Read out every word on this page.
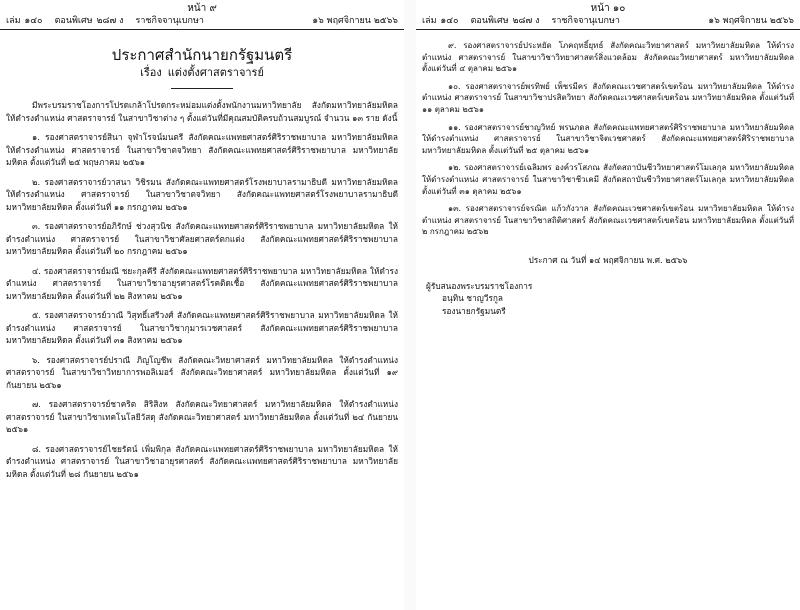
หน้า ๙
เล่ม ๑๔๐ ตอนพิเศษ ๒๘๗ ง ราชกิจจานุเบกษา	๑๖ พฤศจิกายน ๒๕๖๖
ประกาศสำนักนายกรัฐมนตรี
เรื่อง แต่งตั้งศาสตราจารย์

มีพระบรมราชโองการโปรดเกล้าโปรดกระหม่อมแต่งตั้งพนักงานมหาวิทยาลัย สังกัดมหาวิทยาลัยมหิดล ให้ดำรงตำแหน่ง ศาสตราจารย์ ในสาขาวิชาต่าง ๆ ตั้งแต่วันที่มีคุณสมบัติครบถ้วนสมบูรณ์ จำนวน ๑๓ ราย ดังนี้

๑. รองศาสตราจารย์สินา จุฬาโรจน์มนตรี สังกัดคณะแพทยศาสตร์ศิริราชพยาบาล มหาวิทยาลัยมหิดล ให้ดำรงตำแหน่ง ศาสตราจารย์ ในสาขาวิชาตจวิทยา สังกัดคณะแพทยศาสตร์ศิริราชพยาบาล มหาวิทยาลัยมหิดล ตั้งแต่วันที่ ๒๕ พฤษภาคม ๒๕๖๑

๒. รองศาสตราจารย์วาสนา วิชิรมน สังกัดคณะแพทยศาสตร์โรงพยาบาลรามาธิบดี มหาวิทยาลัยมหิดล ให้ดำรงตำแหน่ง ศาสตราจารย์ ในสาขาวิชาตจวิทยา สังกัดคณะแพทยศาสตร์โรงพยาบาลรามาธิบดี มหาวิทยาลัยมหิดล ตั้งแต่วันที่ ๑๑ กรกฎาคม ๒๕๖๑

๓. รองศาสตราจารย์อภิรักษ์ ช่วงสุวนิช สังกัดคณะแพทยศาสตร์ศิริราชพยาบาล มหาวิทยาลัยมหิดล ให้ดำรงตำแหน่ง ศาสตราจารย์ ในสาขาวิชาศัลยศาสตร์ตกแต่ง สังกัดคณะแพทยศาสตร์ศิริราชพยาบาล มหาวิทยาลัยมหิดล ตั้งแต่วันที่ ๒๐ กรกฎาคม ๒๕๖๑

๔. รองศาสตราจารย์มณี ชยะกุลคีรี สังกัดคณะแพทยศาสตร์ศิริราชพยาบาล มหาวิทยาลัยมหิดล ให้ดำรงตำแหน่ง ศาสตราจารย์ ในสาขาวิชาอายุรศาสตร์โรคติดเชื้อ สังกัดคณะแพทยศาสตร์ศิริราชพยาบาล มหาวิทยาลัยมหิดล ตั้งแต่วันที่ ๒๒ สิงหาคม ๒๕๖๑

๕. รองศาสตราจารย์วาณี วิสุทธิ์เสรีวงศ์ สังกัดคณะแพทยศาสตร์ศิริราชพยาบาล มหาวิทยาลัยมหิดล ให้ดำรงตำแหน่ง ศาสตราจารย์ ในสาขาวิชากุมารเวชศาสตร์ สังกัดคณะแพทยศาสตร์ศิริราชพยาบาล มหาวิทยาลัยมหิดล ตั้งแต่วันที่ ๓๑ สิงหาคม ๒๕๖๑

๖. รองศาสตราจารย์ปราณี ภิญโญชีพ สังกัดคณะวิทยาศาสตร์ มหาวิทยาลัยมหิดล ให้ดำรงตำแหน่ง ศาสตราจารย์ ในสาขาวิชาวิทยาการพอลิเมอร์ สังกัดคณะวิทยาศาสตร์ มหาวิทยาลัยมหิดล ตั้งแต่วันที่ ๑๙ กันยายน ๒๕๖๑

๗. รองศาสตราจารย์ชาคริต สิริสิงห สังกัดคณะวิทยาศาสตร์ มหาวิทยาลัยมหิดล ให้ดำรงตำแหน่ง ศาสตราจารย์ ในสาขาวิชาเทคโนโลยีวัสดุ สังกัดคณะวิทยาศาสตร์ มหาวิทยาลัยมหิดล ตั้งแต่วันที่ ๒๔ กันยายน ๒๕๖๑

๘. รองศาสตราจารย์ไชยรัตน์ เพิ่มพิกุล สังกัดคณะแพทยศาสตร์ศิริราชพยาบาล มหาวิทยาลัยมหิดล ให้ดำรงตำแหน่ง ศาสตราจารย์ ในสาขาวิชาอายุรศาสตร์ สังกัดคณะแพทยศาสตร์ศิริราชพยาบาล มหาวิทยาลัยมหิดล ตั้งแต่วันที่ ๒๘ กันยายน ๒๕๖๑

หน้า ๑๐
เล่ม ๑๔๐ ตอนพิเศษ ๒๘๗ ง ราชกิจจานุเบกษา	๑๖ พฤศจิกายน ๒๕๖๖

๙. รองศาสตราจารย์ประหยัด โภคฤทธิ์ยุทธ์ สังกัดคณะวิทยาศาสตร์ มหาวิทยาลัยมหิดล ให้ดำรงตำแหน่ง ศาสตราจารย์ ในสาขาวิชาวิทยาศาสตร์สิ่งแวดล้อม สังกัดคณะวิทยาศาสตร์ มหาวิทยาลัยมหิดล ตั้งแต่วันที่ ๔ ตุลาคม ๒๕๖๑

๑๐. รองศาสตราจารย์พรทิพย์ เพ็ชรมีคร สังกัดคณะเวชศาสตร์เขตร้อน มหาวิทยาลัยมหิดล ให้ดำรงตำแหน่ง ศาสตราจารย์ ในสาขาวิชาปรสิตวิทยา สังกัดคณะเวชศาสตร์เขตร้อน มหาวิทยาลัยมหิดล ตั้งแต่วันที่ ๑๑ ตุลาคม ๒๕๖๑

๑๑. รองศาสตราจารย์ชาญวิทย์ พรนภดล สังกัดคณะแพทยศาสตร์ศิริราชพยาบาล มหาวิทยาลัยมหิดล ให้ดำรงตำแหน่ง ศาสตราจารย์ ในสาขาวิชาจิตเวชศาสตร์ สังกัดคณะแพทยศาสตร์ศิริราชพยาบาล มหาวิทยาลัยมหิดล ตั้งแต่วันที่ ๒๕ ตุลาคม ๒๕๖๑

๑๒. รองศาสตราจารย์เฉลิมพร องค์วรโสภณ สังกัดสถาบันชีววิทยาศาสตร์โมเลกุล มหาวิทยาลัยมหิดล ให้ดำรงตำแหน่ง ศาสตราจารย์ ในสาขาวิชาชีวเคมี สังกัดสถาบันชีววิทยาศาสตร์โมเลกุล มหาวิทยาลัยมหิดล ตั้งแต่วันที่ ๓๑ ตุลาคม ๒๕๖๑

๑๓. รองศาสตราจารย์จรณิต แก้วกังวาล สังกัดคณะเวชศาสตร์เขตร้อน มหาวิทยาลัยมหิดล ให้ดำรงตำแหน่ง ศาสตราจารย์ ในสาขาวิชาสถิติศาสตร์ สังกัดคณะเวชศาสตร์เขตร้อน มหาวิทยาลัยมหิดล ตั้งแต่วันที่ ๒ กรกฎาคม ๒๕๖๒

ประกาศ ณ วันที่ ๑๔ พฤศจิกายน พ.ศ. ๒๕๖๖
ผู้รับสนองพระบรมราชโองการ
อนุทิน ชาญวีรกูล
รองนายกรัฐมนตรี
